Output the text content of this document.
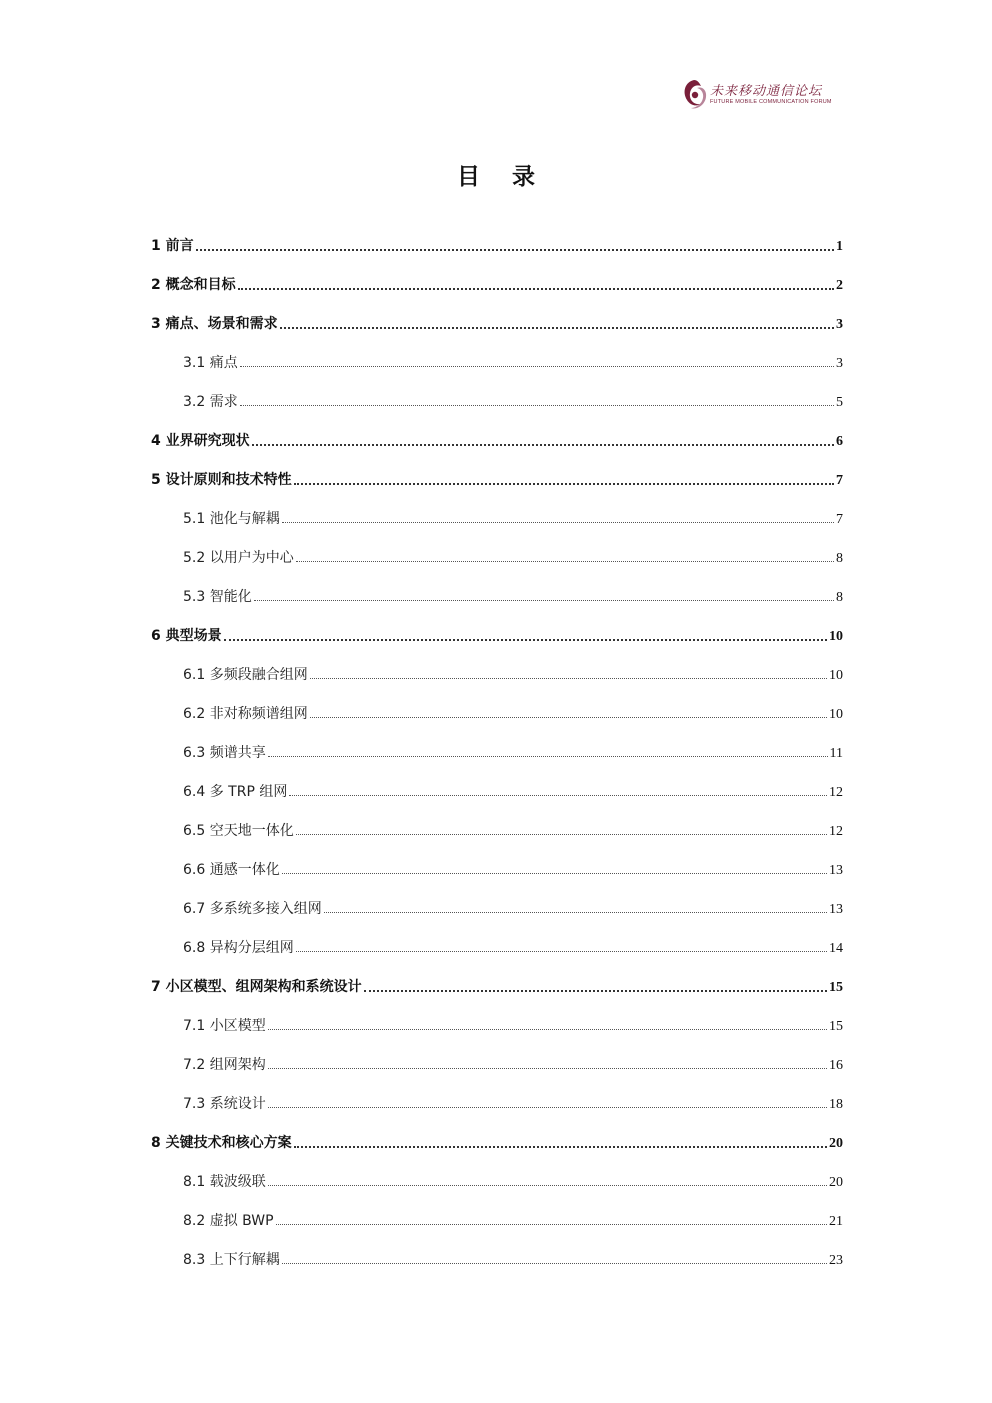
未来移动通信论坛
FUTURE MOBILE COMMUNICATION FORUM
目 录
1 前言	1
2 概念和目标	2
3 痛点、场景和需求	3
3.1 痛点	3
3.2 需求	5
4 业界研究现状	6
5 设计原则和技术特性	7
5.1 池化与解耦	7
5.2 以用户为中心	8
5.3 智能化	8
6 典型场景	10
6.1 多频段融合组网	10
6.2 非对称频谱组网	10
6.3 频谱共享	11
6.4 多 TRP 组网	12
6.5 空天地一体化	12
6.6 通感一体化	13
6.7 多系统多接入组网	13
6.8 异构分层组网	14
7 小区模型、组网架构和系统设计	15
7.1 小区模型	15
7.2 组网架构	16
7.3 系统设计	18
8 关键技术和核心方案	20
8.1 载波级联	20
8.2 虚拟 BWP	21
8.3 上下行解耦	23
